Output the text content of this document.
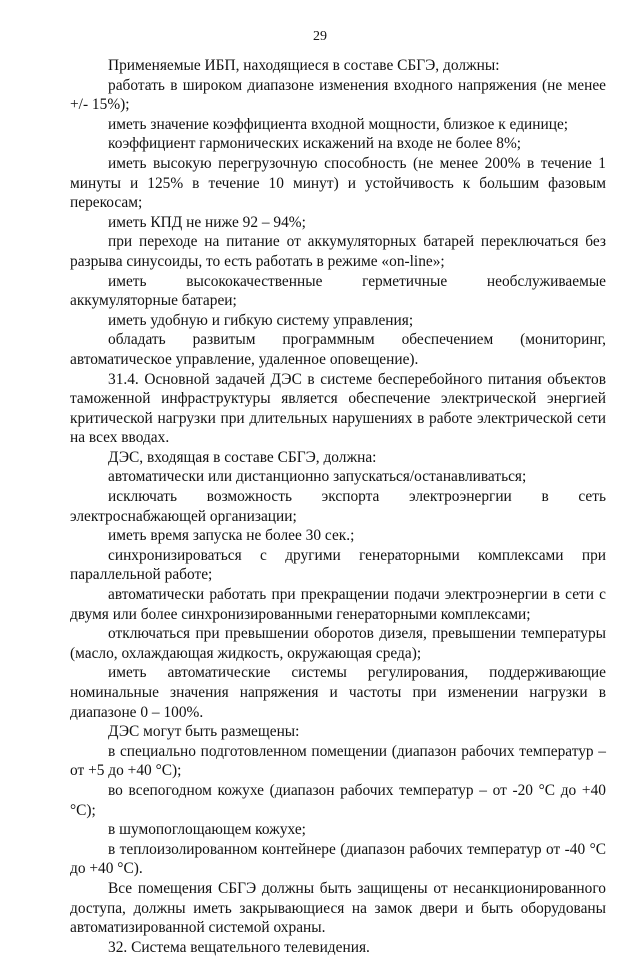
29

Применяемые ИБП, находящиеся в составе СБГЭ, должны:

работать в широком диапазоне изменения входного напряжения (не менее +/- 15%);

иметь значение коэффициента входной мощности, близкое к единице;

коэффициент гармонических искажений на входе не более 8%;

иметь высокую перегрузочную способность (не менее 200% в течение 1 минуты и 125% в течение 10 минут) и устойчивость к большим фазовым перекосам;

иметь КПД не ниже 92 – 94%;

при переходе на питание от аккумуляторных батарей переключаться без разрыва синусоиды, то есть работать в режиме «on-line»;

иметь высококачественные герметичные необслуживаемые аккумуляторные батареи;

иметь удобную и гибкую систему управления;

обладать развитым программным обеспечением (мониторинг, автоматическое управление, удаленное оповещение).

31.4. Основной задачей ДЭС в системе бесперебойного питания объектов таможенной инфраструктуры является обеспечение электрической энергией критической нагрузки при длительных нарушениях в работе электрической сети на всех вводах.

ДЭС, входящая в составе СБГЭ, должна:

автоматически или дистанционно запускаться/останавливаться;

исключать возможность экспорта электроэнергии в сеть электроснабжающей организации;

иметь время запуска не более 30 сек.;

синхронизироваться с другими генераторными комплексами при параллельной работе;

автоматически работать при прекращении подачи электроэнергии в сети с двумя или более синхронизированными генераторными комплексами;

отключаться при превышении оборотов дизеля, превышении температуры (масло, охлаждающая жидкость, окружающая среда);

иметь автоматические системы регулирования, поддерживающие номинальные значения напряжения и частоты при изменении нагрузки в диапазоне 0 – 100%.

ДЭС могут быть размещены:

в специально подготовленном помещении (диапазон рабочих температур – от +5 до +40 °С);

во всепогодном кожухе (диапазон рабочих температур – от -20 °С до +40 °С);

в шумопоглощающем кожухе;

в теплоизолированном контейнере (диапазон рабочих температур от -40 °С до +40 °С).

Все помещения СБГЭ должны быть защищены от несанкционированного доступа, должны иметь закрывающиеся на замок двери и быть оборудованы автоматизированной системой охраны.

32. Система вещательного телевидения.
